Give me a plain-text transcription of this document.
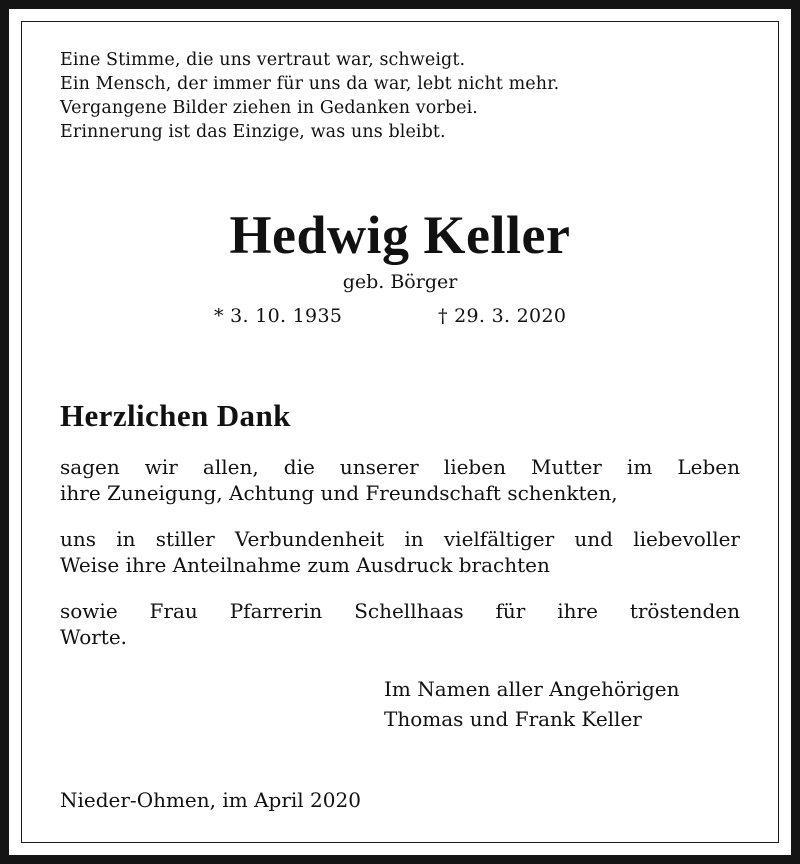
Eine Stimme, die uns vertraut war, schweigt.
Ein Mensch, der immer für uns da war, lebt nicht mehr.
Vergangene Bilder ziehen in Gedanken vorbei.
Erinnerung ist das Einzige, was uns bleibt.
Hedwig Keller
geb. Börger
* 3. 10. 1935	† 29. 3. 2020
Herzlichen Dank
sagen wir allen, die unserer lieben Mutter im Leben
ihre Zuneigung, Achtung und Freundschaft schenkten,
uns in stiller Verbundenheit in vielfältiger und liebevoller
Weise ihre Anteilnahme zum Ausdruck brachten
sowie Frau Pfarrerin Schellhaas für ihre tröstenden
Worte.
Im Namen aller Angehörigen
Thomas und Frank Keller
Nieder-Ohmen, im April 2020
